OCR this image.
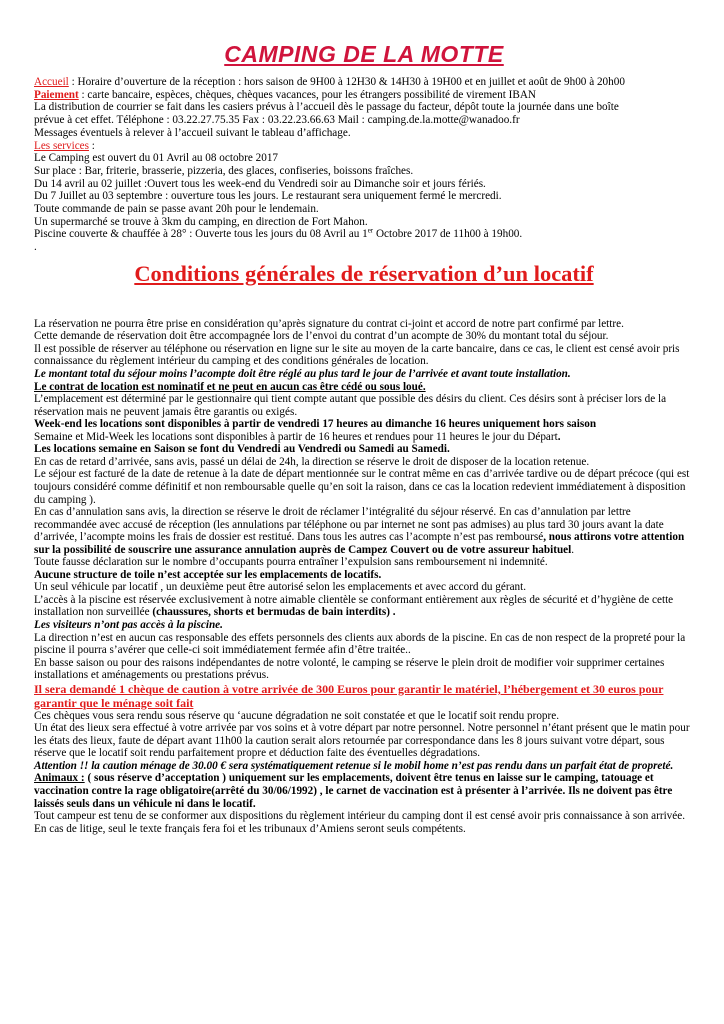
CAMPING DE LA MOTTE

Accueil : Horaire d’ouverture de la réception : hors saison de 9H00 à 12H30 & 14H30 à 19H00 et en juillet et août de 9h00 à 20h00

Paiement : carte bancaire, espèces, chèques, chèques vacances, pour les étrangers possibilité de virement IBAN

La distribution de courrier se fait dans les casiers prévus à l’accueil dès le passage du facteur, dépôt toute la journée dans une boîte

prévue à cet effet. Téléphone : 03.22.27.75.35 Fax : 03.22.23.66.63 Mail : camping.de.la.motte@wanadoo.fr

Messages éventuels à relever à l’accueil suivant le tableau d’affichage.

Les services :

Le Camping est ouvert du 01 Avril au 08 octobre 2017

Sur place : Bar, friterie, brasserie, pizzeria, des glaces, confiseries, boissons fraîches.

Du 14 avril au 02 juillet :Ouvert tous les week-end du Vendredi soir au Dimanche soir et jours fériés.

Du 7 Juillet au 03 septembre : ouverture tous les jours. Le restaurant sera uniquement fermé le mercredi.

Toute commande de pain se passe avant 20h pour le lendemain.

Un supermarché se trouve à 3km du camping, en direction de Fort Mahon.

Piscine couverte & chauffée à 28° : Ouverte tous les jours du 08 Avril au 1er Octobre 2017 de 11h00 à 19h00.

.

Conditions générales de réservation d’un locatif

La réservation ne pourra être prise en considération qu’après signature du contrat ci-joint et accord de notre part confirmé par lettre.

Cette demande de réservation doit être accompagnée lors de l’envoi du contrat d’un acompte de 30% du montant total du séjour.

Il est possible de réserver au téléphone ou réservation en ligne sur le site au moyen de la carte bancaire, dans ce cas, le client est censé avoir pris connaissance du règlement intérieur du camping et des conditions générales de location.

Le montant total du séjour moins l’acompte doit être réglé au plus tard le jour de l’arrivée et avant toute installation.

Le contrat de location est nominatif et ne peut en aucun cas être cédé ou sous loué.

L’emplacement est déterminé par le gestionnaire qui tient compte autant que possible des désirs du client. Ces désirs sont à préciser lors de la réservation mais ne peuvent jamais être garantis ou exigés.

Week-end les locations sont disponibles à partir de vendredi 17 heures au dimanche 16 heures uniquement hors saison

Semaine et Mid-Week les locations sont disponibles à partir de 16 heures et rendues pour 11 heures le jour du Départ.

Les locations semaine en Saison se font du Vendredi au Vendredi ou Samedi au Samedi.

En cas de retard d’arrivée, sans avis, passé un délai de 24h, la direction se réserve le droit de disposer de la location retenue.

Le séjour est facturé de la date de retenue à la date de départ mentionnée sur le contrat même en cas d’arrivée tardive ou de départ précoce (qui est toujours considéré comme définitif et non remboursable quelle qu’en soit la raison, dans ce cas la location redevient immédiatement à disposition du camping ).

En cas d’annulation sans avis, la direction se réserve le droit de réclamer l’intégralité du séjour réservé. En cas d’annulation par lettre recommandée avec accusé de réception (les annulations par téléphone ou par internet ne sont pas admises) au plus tard 30 jours avant la date d’arrivée, l’acompte moins les frais de dossier est restitué. Dans tous les autres cas l’acompte n’est pas remboursé, nous attirons votre attention sur la possibilité de souscrire une assurance annulation auprès de Campez Couvert ou de votre assureur habituel.

Toute fausse déclaration sur le nombre d’occupants pourra entraîner l’expulsion sans remboursement ni indemnité.

Aucune structure de toile n’est acceptée sur les emplacements de locatifs.

Un seul véhicule par locatif , un deuxième peut être autorisé selon les emplacements et avec accord du gérant.

L’accès à la piscine est réservée exclusivement à notre aimable clientèle se conformant entièrement aux règles de sécurité et d’hygiène de cette installation non surveillée (chaussures, shorts et bermudas de bain interdits) .

Les visiteurs n’ont pas accès à la piscine.

La direction n’est en aucun cas responsable des effets personnels des clients aux abords de la piscine. En cas de non respect de la propreté pour la piscine il pourra s’avérer que celle-ci soit immédiatement fermée afin d’être traitée..

En basse saison ou pour des raisons indépendantes de notre volonté, le camping se réserve le plein droit de modifier voir supprimer certaines installations et aménagements ou prestations prévus.

Il sera demandé 1 chèque de caution à votre arrivée de 300 Euros pour garantir le matériel, l’hébergement et 30 euros pour garantir que le ménage soit fait

Ces chèques vous sera rendu sous réserve qu ‘aucune dégradation ne soit constatée et que le locatif soit rendu propre.

Un état des lieux sera effectué à votre arrivée par vos soins et à votre départ par notre personnel. Notre personnel n’étant présent que le matin pour les états des lieux, faute de départ avant 11h00 la caution serait alors retournée par correspondance dans les 8 jours suivant votre départ, sous réserve que le locatif soit rendu parfaitement propre et déduction faite des éventuelles dégradations.

Attention !! la caution ménage de 30.00 € sera systématiquement retenue si le mobil home n’est pas rendu dans un parfait état de propreté.

Animaux : ( sous réserve d’acceptation ) uniquement sur les emplacements, doivent être tenus en laisse sur le camping, tatouage et vaccination contre la rage obligatoire(arrêté du 30/06/1992) , le carnet de vaccination est à présenter à l’arrivée. Ils ne doivent pas être laissés seuls dans un véhicule ni dans le locatif.

Tout campeur est tenu de se conformer aux dispositions du règlement intérieur du camping dont il est censé avoir pris connaissance à son arrivée. En cas de litige, seul le texte français fera foi et les tribunaux d’Amiens seront seuls compétents.
